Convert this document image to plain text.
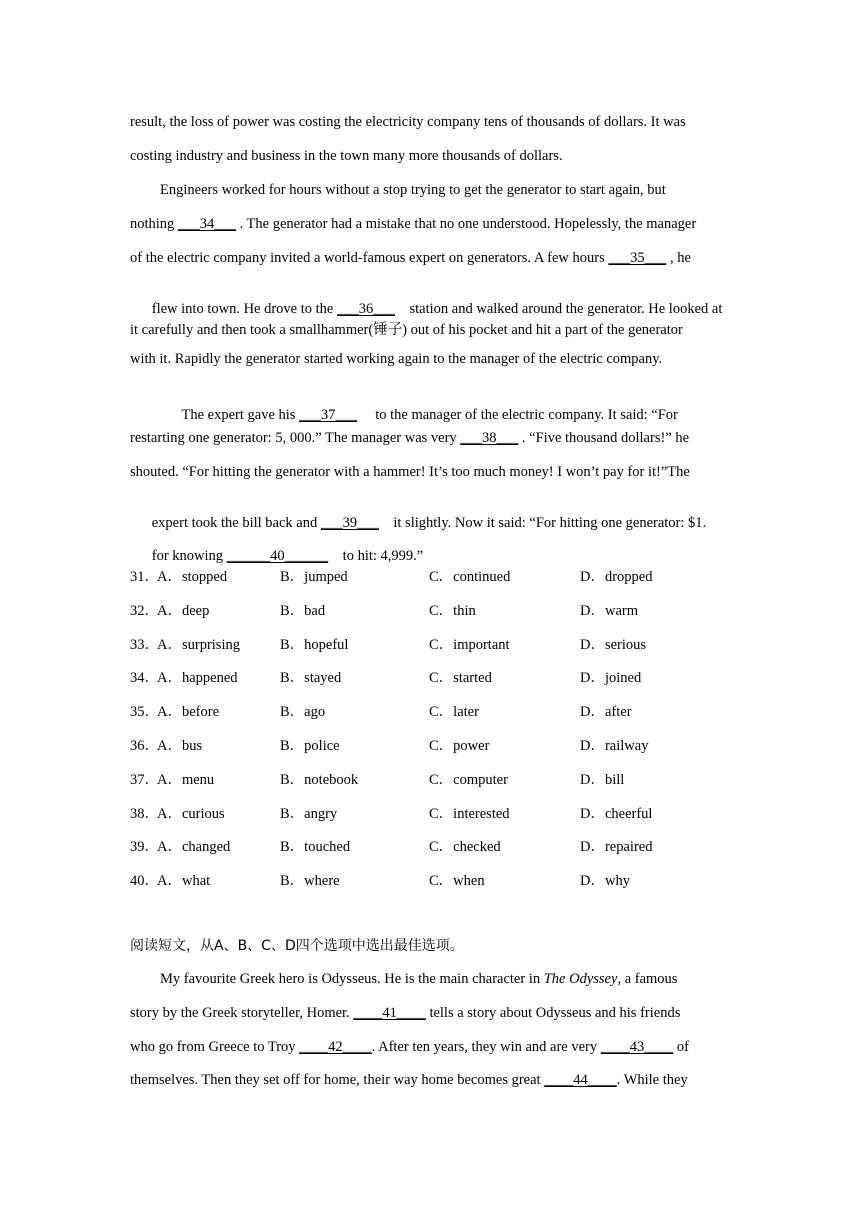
result, the loss of power was costing the electricity company tens of thousands of dollars. It was
costing industry and business in the town many more thousands of dollars.
Engineers worked for hours without a stop trying to get the generator to start again, but
nothing ___34___ . The generator had a mistake that no one understood. Hopelessly, the manager
of the electric company invited a world-famous expert on generators. A few hours ___35___ , he

flew into town. He drove to the ___36___    station and walked around the generator. He looked at

it carefully and then took a smallhammer(锤子) out of his pocket and hit a part of the generator
with it. Rapidly the generator started working again to the manager of the electric company.

The expert gave his ___37___     to the manager of the electric company. It said: “For

restarting one generator: 5, 000.” The manager was very ___38___ . “Five thousand dollars!” he
shouted. “For hitting the generator with a hammer! It’s too much money! I won’t pay for it!”The

expert took the bill back and ___39___    it slightly. Now it said: “For hitting one generator: $1.

for knowing ______40______    to hit: 4,999.”

31．
A．stopped	B．jumped	C．continued	D．dropped
32．
A．deep	B．bad	C．thin	D．warm
33．
A．surprising	B．hopeful	C．important	D．serious
34．
A．happened	B．stayed	C．started	D．joined
35．
A．before	B．ago	C．later	D．after
36．
A．bus	B．police	C．power	D．railway
37．
A．menu	B．notebook	C．computer	D．bill
38．
A．curious	B．angry	C．interested	D．cheerful
39．
A．changed	B．touched	C．checked	D．repaired
40．
A．what	B．where	C．when	D．why
阅读短文，从A、B、C、D四个选项中选出最佳选项。
My favourite Greek hero is Odysseus. He is the main character in The Odyssey, a famous
story by the Greek storyteller, Homer. ____41____ tells a story about Odysseus and his friends
who go from Greece to Troy ____42____. After ten years, they win and are very ____43____ of
themselves. Then they set off for home, their way home becomes great ____44____. While they
